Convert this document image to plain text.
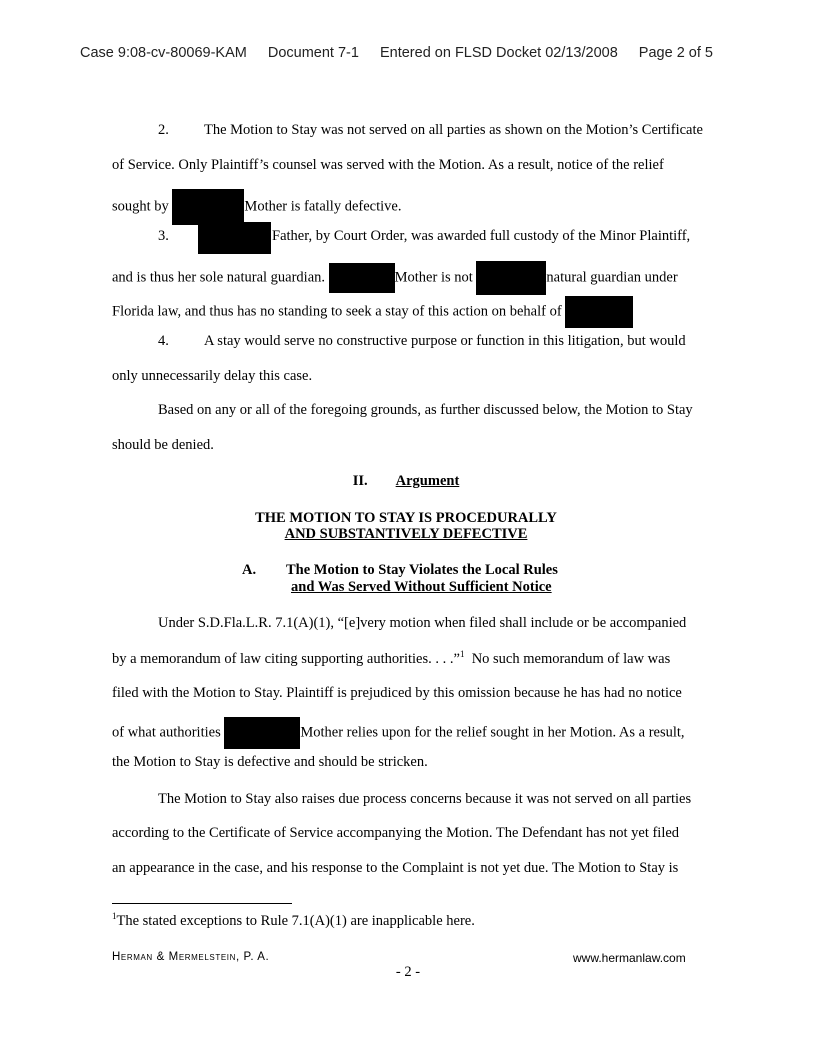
Case 9:08-cv-80069-KAM Document 7-1 Entered on FLSD Docket 02/13/2008 Page 2 of 5
2. The Motion to Stay was not served on all parties as shown on the Motion’s Certificate
of Service. Only Plaintiff’s counsel was served with the Motion. As a result, notice of the relief
sought by	Mother is fatally defective.
3.	Father, by Court Order, was awarded full custody of the Minor Plaintiff,
and is thus her sole natural guardian.	Mother is not	natural guardian under
Florida law, and thus has no standing to seek a stay of this action on behalf of
4. A stay would serve no constructive purpose or function in this litigation, but would
only unnecessarily delay this case.
Based on any or all of the foregoing grounds, as further discussed below, the Motion to Stay
should be denied.
II. Argument
THE MOTION TO STAY IS PROCEDURALLY
AND SUBSTANTIVELY DEFECTIVE
A. The Motion to Stay Violates the Local Rules
and Was Served Without Sufficient Notice
Under S.D.Fla.L.R. 7.1(A)(1), “[e]very motion when filed shall include or be accompanied
by a memorandum of law citing supporting authorities. . . .”$^1$  No such memorandum of law was
filed with the Motion to Stay. Plaintiff is prejudiced by this omission because he has had no notice
of what authorities	Mother relies upon for the relief sought in her Motion. As a result,
the Motion to Stay is defective and should be stricken.
The Motion to Stay also raises due process concerns because it was not served on all parties
according to the Certificate of Service accompanying the Motion. The Defendant has not yet filed
an appearance in the case, and his response to the Complaint is not yet due. The Motion to Stay is
$^1$The stated exceptions to Rule 7.1(A)(1) are inapplicable here.
Herman & Mermelstein, P. A.	www.hermanlaw.com
- 2 -
